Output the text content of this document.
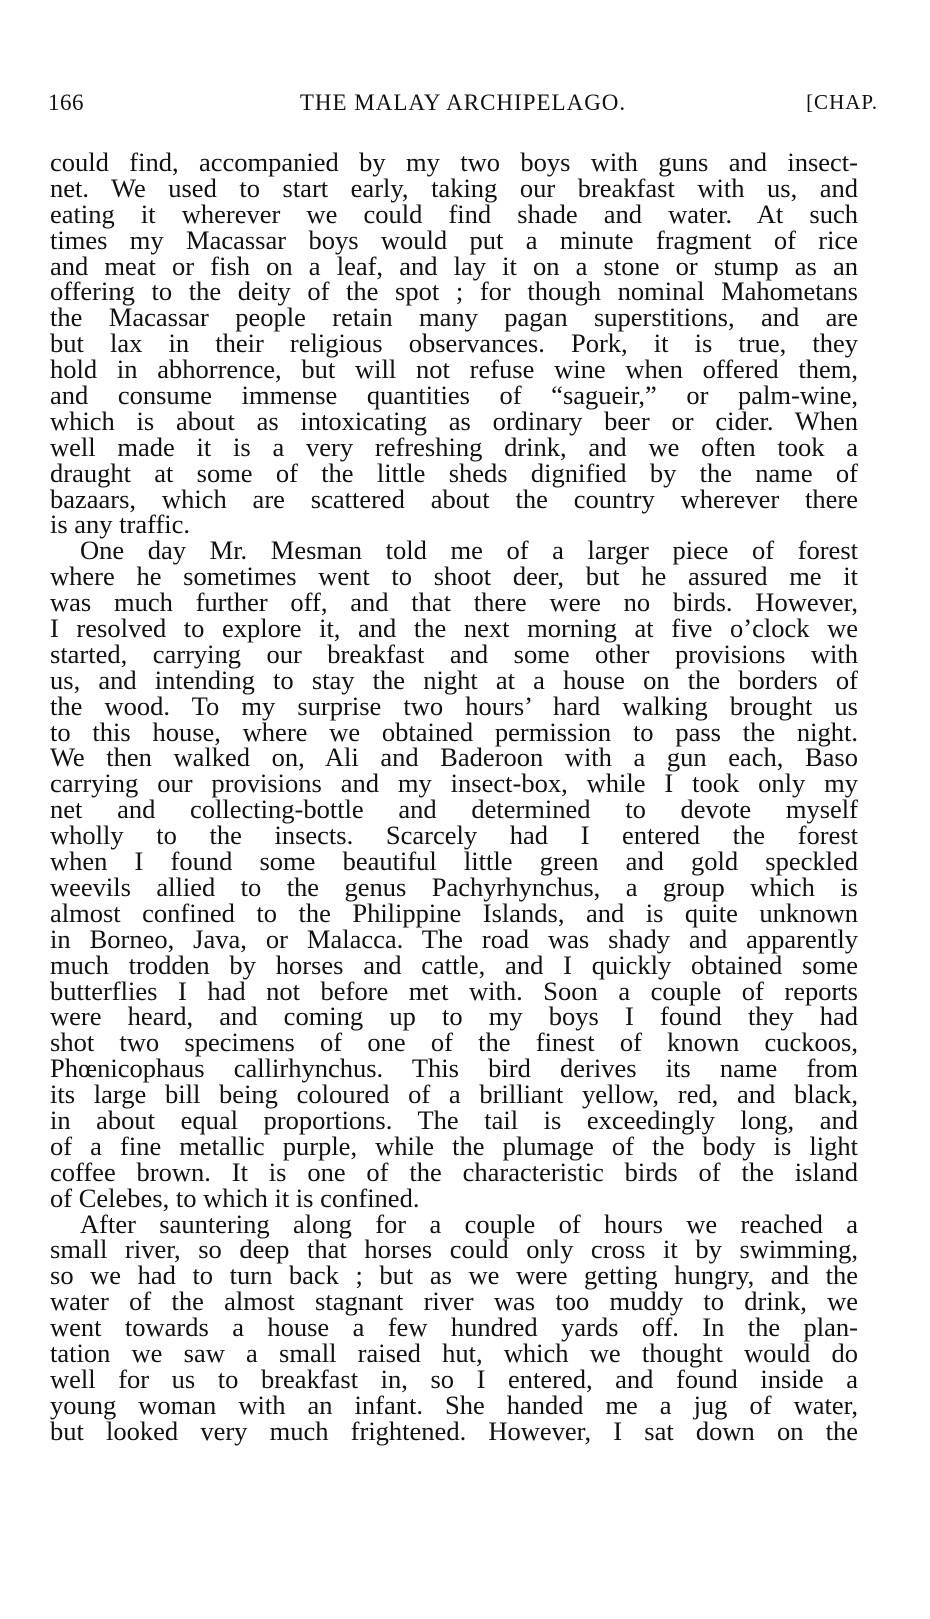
166	THE MALAY ARCHIPELAGO.	[CHAP.
could find, accompanied by my two boys with guns and insect-
net. We used to start early, taking our breakfast with us, and
eating it wherever we could find shade and water. At such
times my Macassar boys would put a minute fragment of rice
and meat or fish on a leaf, and lay it on a stone or stump as an
offering to the deity of the spot ; for though nominal Mahometans
the Macassar people retain many pagan superstitions, and are
but lax in their religious observances. Pork, it is true, they
hold in abhorrence, but will not refuse wine when offered them,
and consume immense quantities of “sagueir,” or palm-wine,
which is about as intoxicating as ordinary beer or cider. When
well made it is a very refreshing drink, and we often took a
draught at some of the little sheds dignified by the name of
bazaars, which are scattered about the country wherever there
is any traffic.
One day Mr. Mesman told me of a larger piece of forest
where he sometimes went to shoot deer, but he assured me it
was much further off, and that there were no birds. However,
I resolved to explore it, and the next morning at five o’clock we
started, carrying our breakfast and some other provisions with
us, and intending to stay the night at a house on the borders of
the wood. To my surprise two hours’ hard walking brought us
to this house, where we obtained permission to pass the night.
We then walked on, Ali and Baderoon with a gun each, Baso
carrying our provisions and my insect-box, while I took only my
net and collecting-bottle and determined to devote myself
wholly to the insects. Scarcely had I entered the forest
when I found some beautiful little green and gold speckled
weevils allied to the genus Pachyrhynchus, a group which is
almost confined to the Philippine Islands, and is quite unknown
in Borneo, Java, or Malacca. The road was shady and apparently
much trodden by horses and cattle, and I quickly obtained some
butterflies I had not before met with. Soon a couple of reports
were heard, and coming up to my boys I found they had
shot two specimens of one of the finest of known cuckoos,
Phœnicophaus callirhynchus. This bird derives its name from
its large bill being coloured of a brilliant yellow, red, and black,
in about equal proportions. The tail is exceedingly long, and
of a fine metallic purple, while the plumage of the body is light
coffee brown. It is one of the characteristic birds of the island
of Celebes, to which it is confined.
After sauntering along for a couple of hours we reached a
small river, so deep that horses could only cross it by swimming,
so we had to turn back ; but as we were getting hungry, and the
water of the almost stagnant river was too muddy to drink, we
went towards a house a few hundred yards off. In the plan-
tation we saw a small raised hut, which we thought would do
well for us to breakfast in, so I entered, and found inside a
young woman with an infant. She handed me a jug of water,
but looked very much frightened. However, I sat down on the
